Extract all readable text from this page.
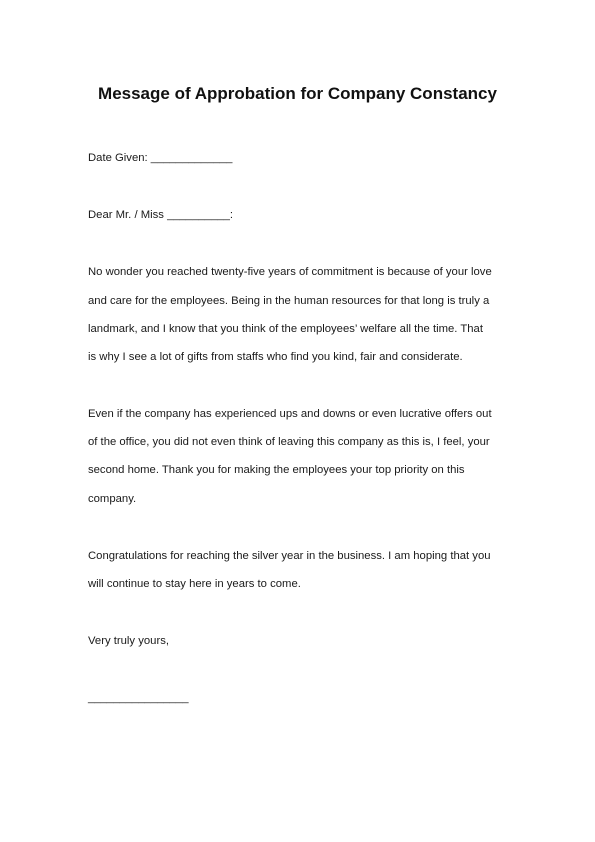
Message of Approbation for Company Constancy
Date Given: _____________
Dear Mr. / Miss __________:
No wonder you reached twenty-five years of commitment is because of your love
and care for the employees. Being in the human resources for that long is truly a
landmark, and I know that you think of the employees’ welfare all the time. That
is why I see a lot of gifts from staffs who find you kind, fair and considerate.
Even if the company has experienced ups and downs or even lucrative offers out
of the office, you did not even think of leaving this company as this is, I feel, your
second home. Thank you for making the employees your top priority on this
company.
Congratulations for reaching the silver year in the business. I am hoping that you
will continue to stay here in years to come.
Very truly yours,
________________
